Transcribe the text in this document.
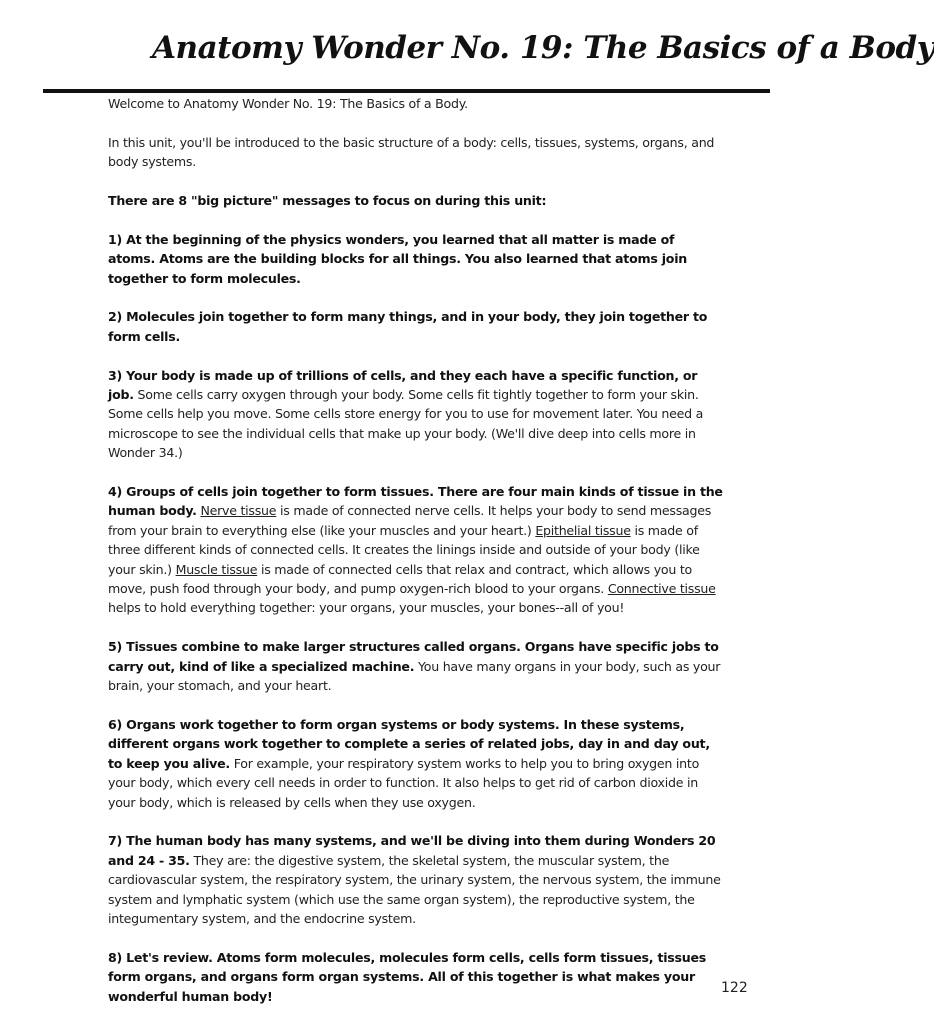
Anatomy Wonder No. 19: The Basics of a Body

Welcome to Anatomy Wonder No. 19: The Basics of a Body.

In this unit, you'll be introduced to the basic structure of a body: cells, tissues, systems, organs, and body systems.

There are 8 "big picture" messages to focus on during this unit:

1) At the beginning of the physics wonders, you learned that all matter is made of atoms. Atoms are the building blocks for all things. You also learned that atoms join together to form molecules.

2) Molecules join together to form many things, and in your body, they join together to form cells.

3) Your body is made up of trillions of cells, and they each have a specific function, or job. Some cells carry oxygen through your body. Some cells fit tightly together to form your skin. Some cells help you move. Some cells store energy for you to use for movement later. You need a microscope to see the individual cells that make up your body. (We'll dive deep into cells more in Wonder 34.)

4) Groups of cells join together to form tissues. There are four main kinds of tissue in the human body. Nerve tissue is made of connected nerve cells. It helps your body to send messages from your brain to everything else (like your muscles and your heart.) Epithelial tissue is made of three different kinds of connected cells. It creates the linings inside and outside of your body (like your skin.) Muscle tissue is made of connected cells that relax and contract, which allows you to move, push food through your body, and pump oxygen-rich blood to your organs. Connective tissue helps to hold everything together: your organs, your muscles, your bones--all of you!

5) Tissues combine to make larger structures called organs. Organs have specific jobs to carry out, kind of like a specialized machine. You have many organs in your body, such as your brain, your stomach, and your heart.

6) Organs work together to form organ systems or body systems. In these systems, different organs work together to complete a series of related jobs, day in and day out, to keep you alive. For example, your respiratory system works to help you to bring oxygen into your body, which every cell needs in order to function. It also helps to get rid of carbon dioxide in your body, which is released by cells when they use oxygen.

7) The human body has many systems, and we'll be diving into them during Wonders 20 and 24 - 35. They are: the digestive system, the skeletal system, the muscular system, the cardiovascular system, the respiratory system, the urinary system, the nervous system, the immune system and lymphatic system (which use the same organ system), the reproductive system, the integumentary system, and the endocrine system.

8) Let's review. Atoms form molecules, molecules form cells, cells form tissues, tissues form organs, and organs form organ systems. All of this together is what makes your wonderful human body!

122
